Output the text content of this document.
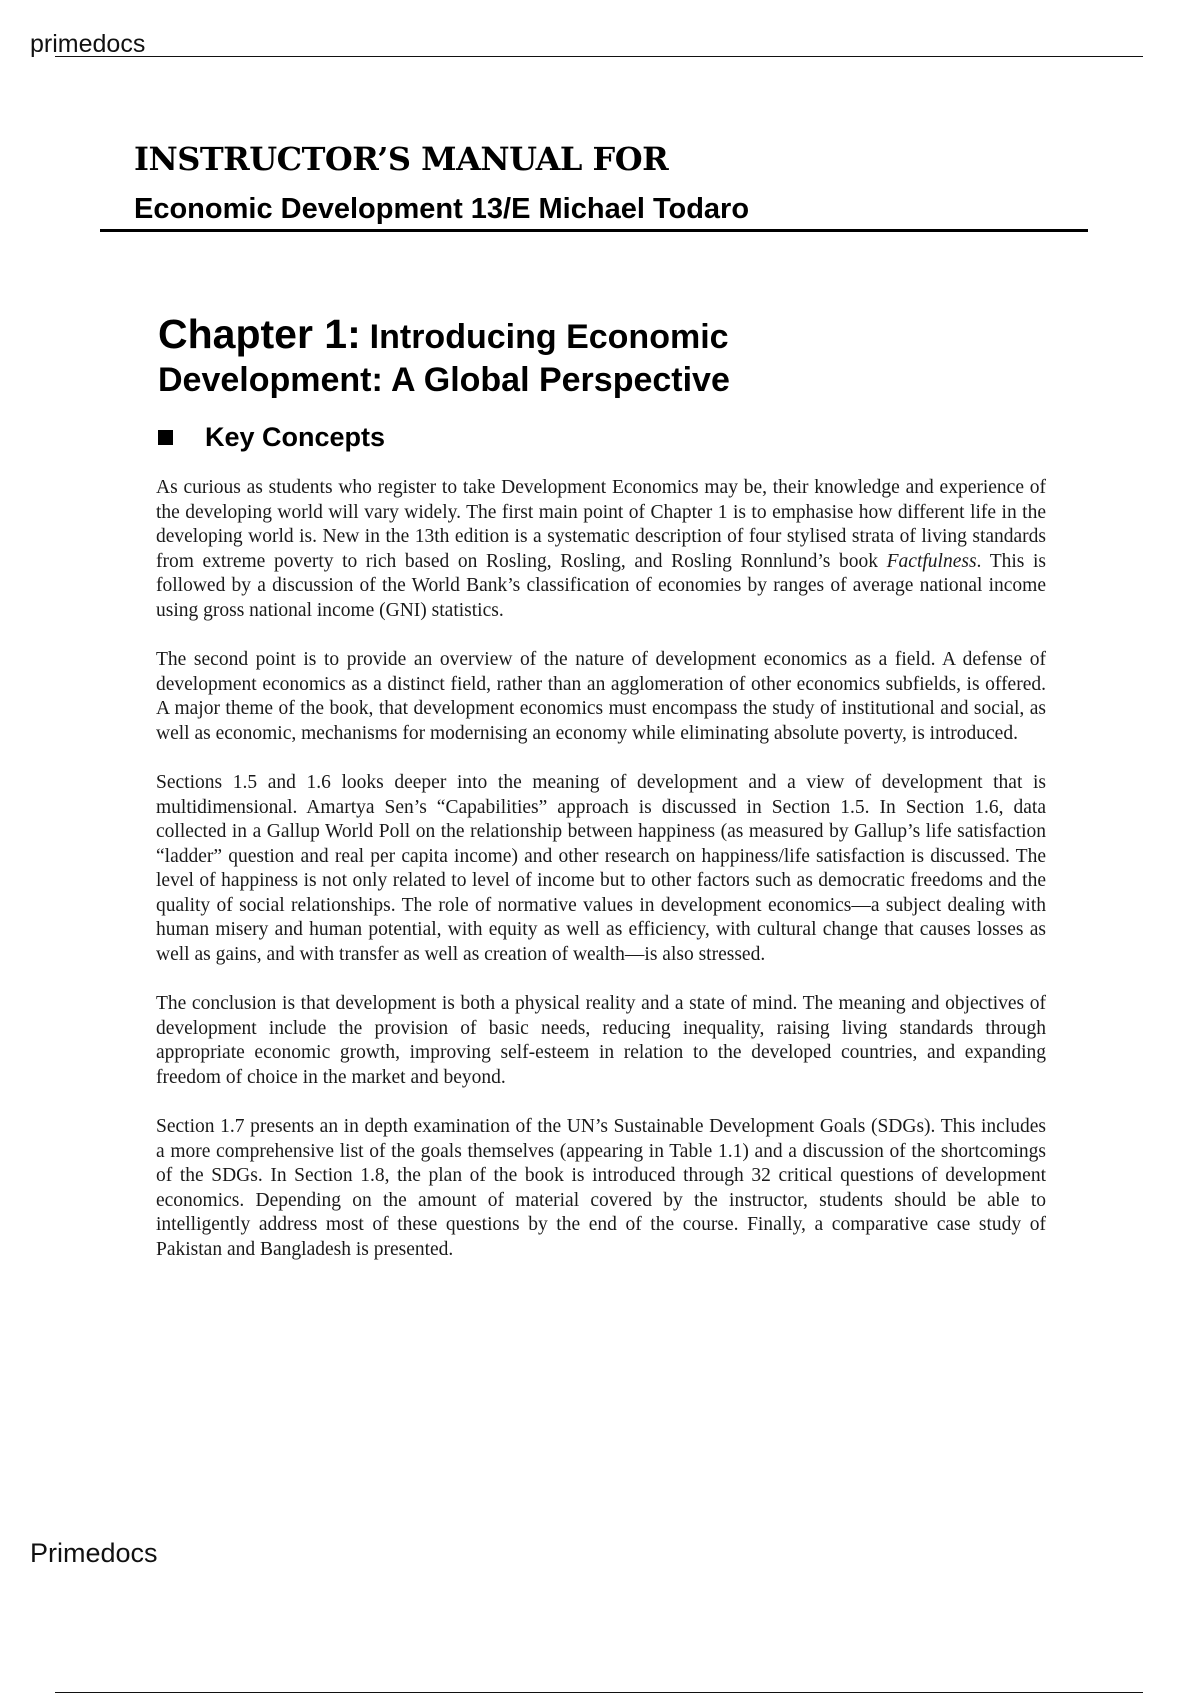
primedocs
INSTRUCTOR’S MANUAL FOR
Economic Development 13/E Michael Todaro
Chapter 1: Introducing Economic
Development: A Global Perspective
Key Concepts

As curious as students who register to take Development Economics may be, their knowledge and experience of the developing world will vary widely. The first main point of Chapter 1 is to emphasise how different life in the developing world is. New in the 13th edition is a systematic description of four stylised strata of living standards from extreme poverty to rich based on Rosling, Rosling, and Rosling Ronnlund’s book Factfulness. This is followed by a discussion of the World Bank’s classification of economies by ranges of average national income using gross national income (GNI) statistics.

The second point is to provide an overview of the nature of development economics as a field. A defense of development economics as a distinct field, rather than an agglomeration of other economics subfields, is offered. A major theme of the book, that development economics must encompass the study of institutional and social, as well as economic, mechanisms for modernising an economy while eliminating absolute poverty, is introduced.

Sections 1.5 and 1.6 looks deeper into the meaning of development and a view of development that is multidimensional. Amartya Sen’s “Capabilities” approach is discussed in Section 1.5. In Section 1.6, data collected in a Gallup World Poll on the relationship between happiness (as measured by Gallup’s life satisfaction “ladder” question and real per capita income) and other research on happiness/life satisfaction is discussed. The level of happiness is not only related to level of income but to other factors such as democratic freedoms and the quality of social relationships. The role of normative values in development economics—a subject dealing with human misery and human potential, with equity as well as efficiency, with cultural change that causes losses as well as gains, and with transfer as well as creation of wealth—is also stressed.

The conclusion is that development is both a physical reality and a state of mind. The meaning and objectives of development include the provision of basic needs, reducing inequality, raising living standards through appropriate economic growth, improving self-esteem in relation to the developed countries, and expanding freedom of choice in the market and beyond.

Section 1.7 presents an in depth examination of the UN’s Sustainable Development Goals (SDGs). This includes a more comprehensive list of the goals themselves (appearing in Table 1.1) and a discussion of the shortcomings of the SDGs. In Section 1.8, the plan of the book is introduced through 32 critical questions of development economics. Depending on the amount of material covered by the instructor, students should be able to intelligently address most of these questions by the end of the course. Finally, a comparative case study of Pakistan and Bangladesh is presented.

Primedocs
